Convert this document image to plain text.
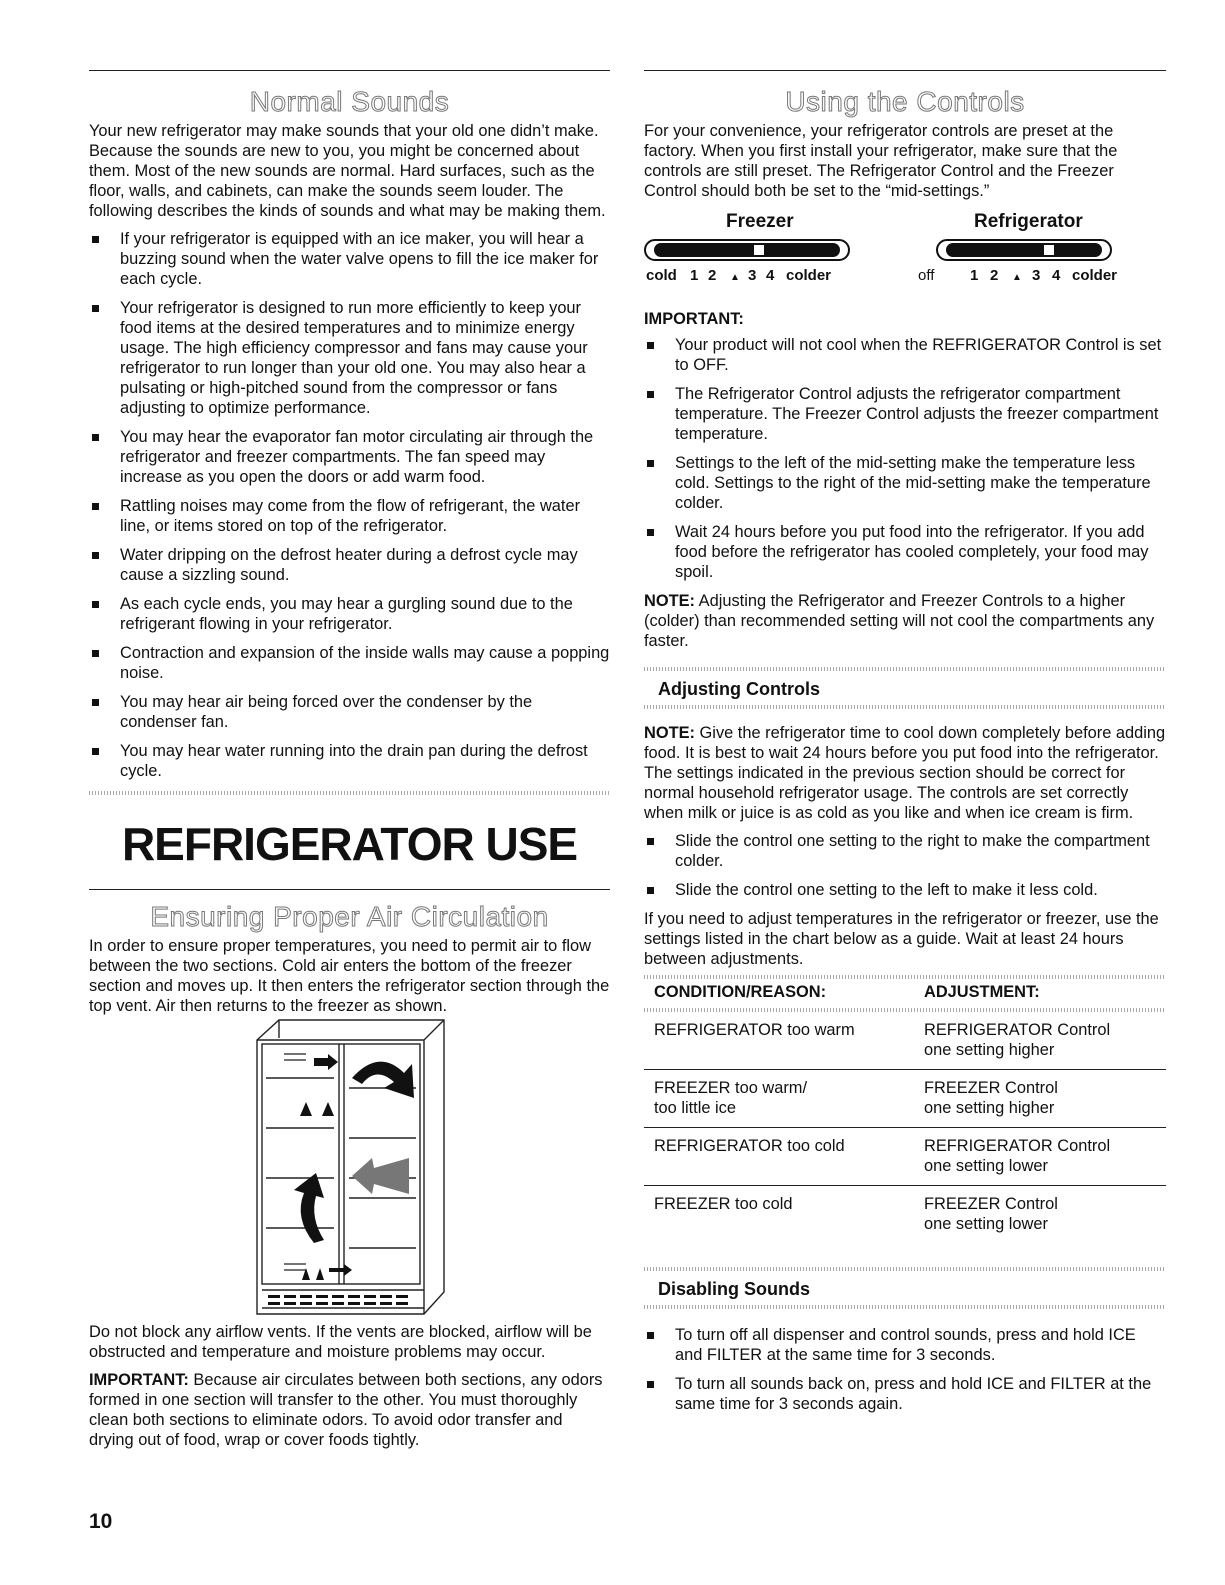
Normal Sounds

Your new refrigerator may make sounds that your old one didn’t make. Because the sounds are new to you, you might be concerned about them. Most of the new sounds are normal. Hard surfaces, such as the floor, walls, and cabinets, can make the sounds seem louder. The following describes the kinds of sounds and what may be making them.

If your refrigerator is equipped with an ice maker, you will hear a buzzing sound when the water valve opens to fill the ice maker for each cycle.
Your refrigerator is designed to run more efficiently to keep your food items at the desired temperatures and to minimize energy usage. The high efficiency compressor and fans may cause your refrigerator to run longer than your old one. You may also hear a pulsating or high-pitched sound from the compressor or fans adjusting to optimize performance.
You may hear the evaporator fan motor circulating air through the refrigerator and freezer compartments. The fan speed may increase as you open the doors or add warm food.
Rattling noises may come from the flow of refrigerant, the water line, or items stored on top of the refrigerator.
Water dripping on the defrost heater during a defrost cycle may cause a sizzling sound.
As each cycle ends, you may hear a gurgling sound due to the refrigerant flowing in your refrigerator.
Contraction and expansion of the inside walls may cause a popping noise.
You may hear air being forced over the condenser by the condenser fan.
You may hear water running into the drain pan during the defrost cycle.
REFRIGERATOR USE
Ensuring Proper Air Circulation

In order to ensure proper temperatures, you need to permit air to flow between the two sections. Cold air enters the bottom of the freezer section and moves up. It then enters the refrigerator section through the top vent. Air then returns to the freezer as shown.

Do not block any airflow vents. If the vents are blocked, airflow will be obstructed and temperature and moisture problems may occur.

IMPORTANT: Because air circulates between both sections, any odors formed in one section will transfer to the other. You must thoroughly clean both sections to eliminate odors. To avoid odor transfer and drying out of food, wrap or cover foods tightly.

Using the Controls

For your convenience, your refrigerator controls are preset at the factory. When you first install your refrigerator, make sure that the controls are still preset. The Refrigerator Control and the Freezer Control should both be set to the “mid-settings.”

Freezer
cold 1 2 ▲ 3 4 colder
Refrigerator
off 1 2 ▲ 3 4 colder

IMPORTANT:

Your product will not cool when the REFRIGERATOR Control is set to OFF.
The Refrigerator Control adjusts the refrigerator compartment temperature. The Freezer Control adjusts the freezer compartment temperature.
Settings to the left of the mid-setting make the temperature less cold. Settings to the right of the mid-setting make the temperature colder.
Wait 24 hours before you put food into the refrigerator. If you add food before the refrigerator has cooled completely, your food may spoil.

NOTE: Adjusting the Refrigerator and Freezer Controls to a higher (colder) than recommended setting will not cool the compartments any faster.

Adjusting Controls

NOTE: Give the refrigerator time to cool down completely before adding food. It is best to wait 24 hours before you put food into the refrigerator. The settings indicated in the previous section should be correct for normal household refrigerator usage. The controls are set correctly when milk or juice is as cold as you like and when ice cream is firm.

Slide the control one setting to the right to make the compartment colder.
Slide the control one setting to the left to make it less cold.

If you need to adjust temperatures in the refrigerator or freezer, use the settings listed in the chart below as a guide. Wait at least 24 hours between adjustments.

CONDITION/REASON:	ADJUSTMENT:

REFRIGERATOR too warm	REFRIGERATOR Control one setting higher
FREEZER too warm/ too little ice	FREEZER Control one setting higher
REFRIGERATOR too cold	REFRIGERATOR Control one setting lower
FREEZER too cold	FREEZER Control one setting lower
Disabling Sounds
To turn off all dispenser and control sounds, press and hold ICE and FILTER at the same time for 3 seconds.
To turn all sounds back on, press and hold ICE and FILTER at the same time for 3 seconds again.
10
